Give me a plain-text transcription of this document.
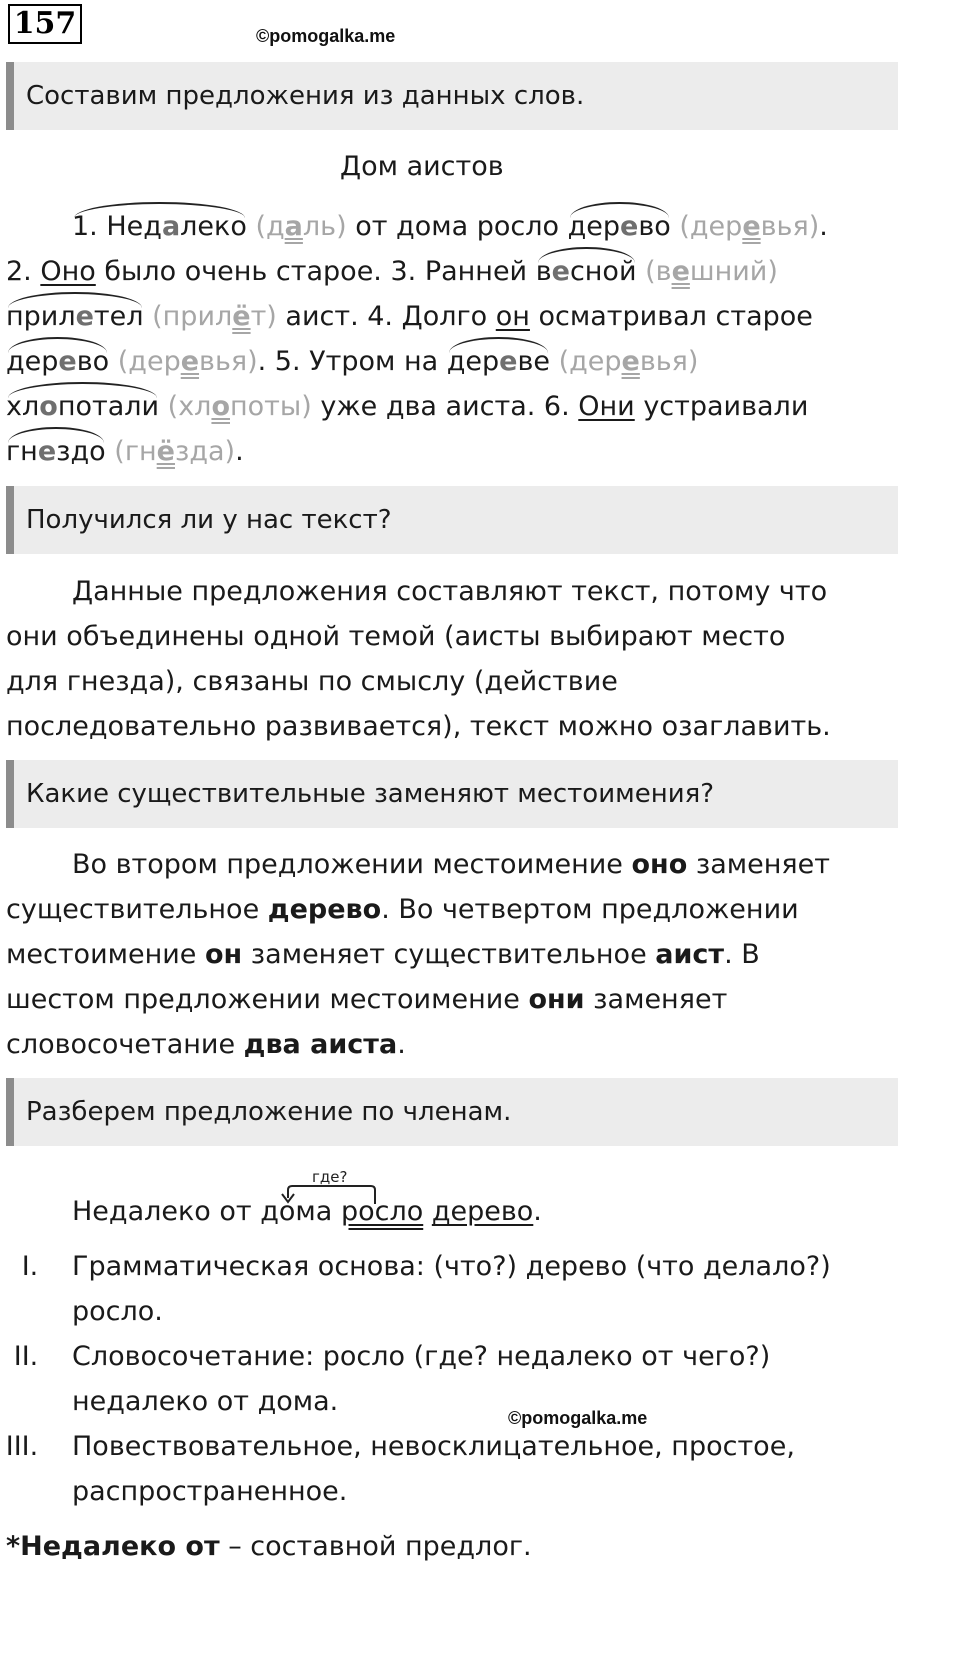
157	©pomogalka.me
Составим предложения из данных слов.
Дом аистов
1. Недалеко (даль) от дома росло дерево (деревья).
2. Оно было очень старое. 3. Ранней весной (вешний)
прилетел (прилёт) аист. 4. Долго он осматривал старое
дерево (деревья). 5. Утром на дереве (деревья)
хлопотали (хлопоты) уже два аиста. 6. Они устраивали
гнездо (гнёзда).
Получился ли у нас текст?
Данные предложения составляют текст, потому что
они объединены одной темой (аисты выбирают место
для гнезда), связаны по смыслу (действие
последовательно развивается), текст можно озаглавить.
Какие существительные заменяют местоимения?
Во втором предложении местоимение оно заменяет
существительное дерево. Во четвертом предложении
местоимение он заменяет существительное аист. В
шестом предложении местоимение они заменяет
словосочетание два аиста.
Разберем предложение по членам.
где?
Недалеко от дома росло дерево.
I.	Грамматическая основа: (что?) дерево (что делало?)
росло.
II. Словосочетание: росло (где? недалеко от чего?)
недалеко от дома.
©pomogalka.me
III. Повествовательное, невосклицательное, простое,
распространенное.
*Недалеко от – составной предлог.
